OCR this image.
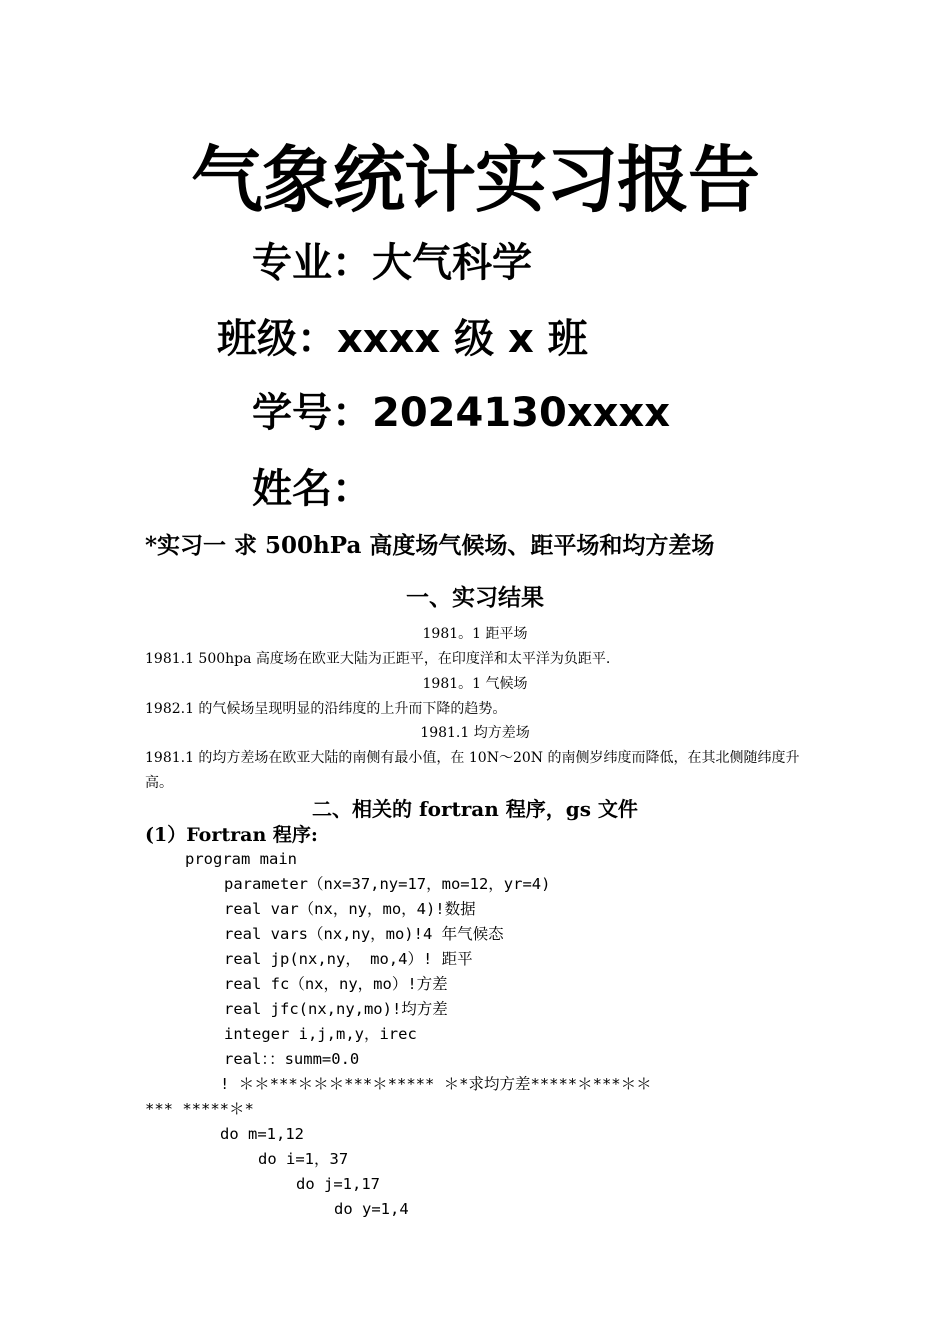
气象统计实习报告
专业：大气科学
班级：xxxx 级 x 班
学号：2024130xxxx
姓名：
*实习一 求 500hPa 高度场气候场、距平场和均方差场
一、实习结果
1981。1 距平场
1981.1 500hpa 高度场在欧亚大陆为正距平，在印度洋和太平洋为负距平.
1981。1 气候场
1982.1 的气候场呈现明显的沿纬度的上升而下降的趋势。
1981.1 均方差场
1981.1 的均方差场在欧亚大陆的南侧有最小值，在 10N～20N 的南侧岁纬度而降低，在其北侧随纬度升高。
二、相关的 fortran 程序，gs 文件
(1）Fortran 程序:
program main
parameter（nx=37,ny=17，mo=12，yr=4)
real var（nx，ny，mo，4)!数据
real vars（nx,ny，mo)!4 年气候态
real jp(nx,ny， mo,4）! 距平
real fc（nx，ny，mo）!方差
real jfc(nx,ny,mo)!均方差
integer i,j,m,y，irec
real：：summ=0.0
! ＊＊***＊＊＊***＊***** ＊*求均方差*****＊***＊＊
*** *****＊*
do m=1,12
do i=1，37
do j=1,17
do y=1,4
